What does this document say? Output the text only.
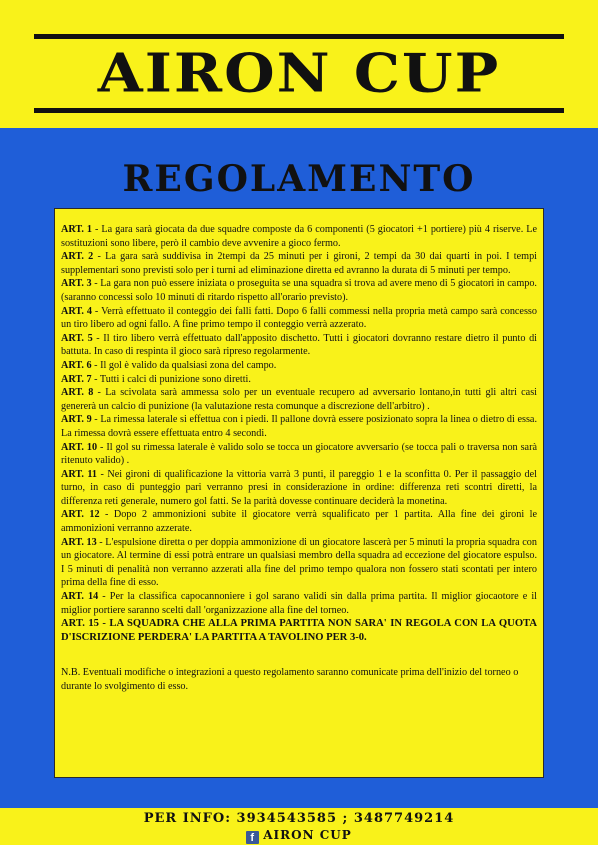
AIRON CUP
REGOLAMENTO
ART. 1 - La gara sarà giocata da due squadre composte da 6 componenti (5 giocatori +1 portiere) più 4 riserve. Le sostituzioni sono libere, però il cambio deve avvenire a gioco fermo.
ART. 2 - La gara sarà suddivisa in 2tempi da 25 minuti per i gironi, 2 tempi da 30 dai quarti in poi. I tempi supplementari sono previsti solo per i turni ad eliminazione diretta ed avranno la durata di 5 minuti per tempo.
ART. 3 - La gara non può essere iniziata o proseguita se una squadra si trova ad avere meno di 5 giocatori in campo. (saranno concessi solo 10 minuti di ritardo rispetto all'orario previsto).
ART. 4 - Verrà effettuato il conteggio dei falli fatti. Dopo 6 falli commessi nella propria metà campo sarà concesso un tiro libero ad ogni fallo. A fine primo tempo il conteggio verrà azzerato.
ART. 5 - Il tiro libero verrà effettuato dall'apposito dischetto. Tutti i giocatori dovranno restare dietro il punto di battuta. In caso di respinta il gioco sarà ripreso regolarmente.
ART. 6 - Il gol è valido da qualsiasi zona del campo.
ART. 7 - Tutti i calci di punizione sono diretti.
ART. 8 - La scivolata sarà ammessa solo per un eventuale recupero ad avversario lontano,in tutti gli altri casi genererà un calcio di punizione (la valutazione resta comunque a discrezione dell'arbitro) .
ART. 9 - La rimessa laterale si effettua con i piedi. Il pallone dovrà essere posizionato sopra la linea o dietro di essa. La rimessa dovrà essere effettuata entro 4 secondi.
ART. 10 - Il gol su rimessa laterale è valido solo se tocca un giocatore avversario (se tocca pali o traversa non sarà ritenuto valido) .
ART. 11 - Nei gironi di qualificazione la vittoria varrà 3 punti, il pareggio 1 e la sconfitta 0. Per il passaggio del turno, in caso di punteggio pari verranno presi in considerazione in ordine: differenza reti scontri diretti, la differenza reti generale, numero gol fatti. Se la parità dovesse continuare deciderà la monetina.
ART. 12 - Dopo 2 ammonizioni subite il giocatore verrà squalificato per 1 partita. Alla fine dei gironi le ammonizioni verranno azzerate.
ART. 13 - L'espulsione diretta o per doppia ammonizione di un giocatore lascerà per 5 minuti la propria squadra con un giocatore. Al termine di essi potrà entrare un qualsiasi membro della squadra ad eccezione del giocatore espulso. I 5 minuti di penalità non verranno azzerati alla fine del primo tempo qualora non fossero stati scontati per intero prima della fine di esso.
ART. 14 - Per la classifica capocannoniere i gol sarano validi sin dalla prima partita. Il miglior giocaotore e il miglior portiere saranno scelti dall 'organizzazione alla fine del torneo.
ART. 15 - LA SQUADRA CHE ALLA PRIMA PARTITA NON SARA' IN REGOLA CON LA QUOTA D'ISCRIZIONE PERDERA' LA PARTITA A TAVOLINO PER 3-0.
N.B. Eventuali modifiche o integrazioni a questo regolamento saranno comunicate prima dell'inizio del torneo o durante lo svolgimento di esso.
PER INFO: 3934543585 ; 3487749214
f AIRON CUP
